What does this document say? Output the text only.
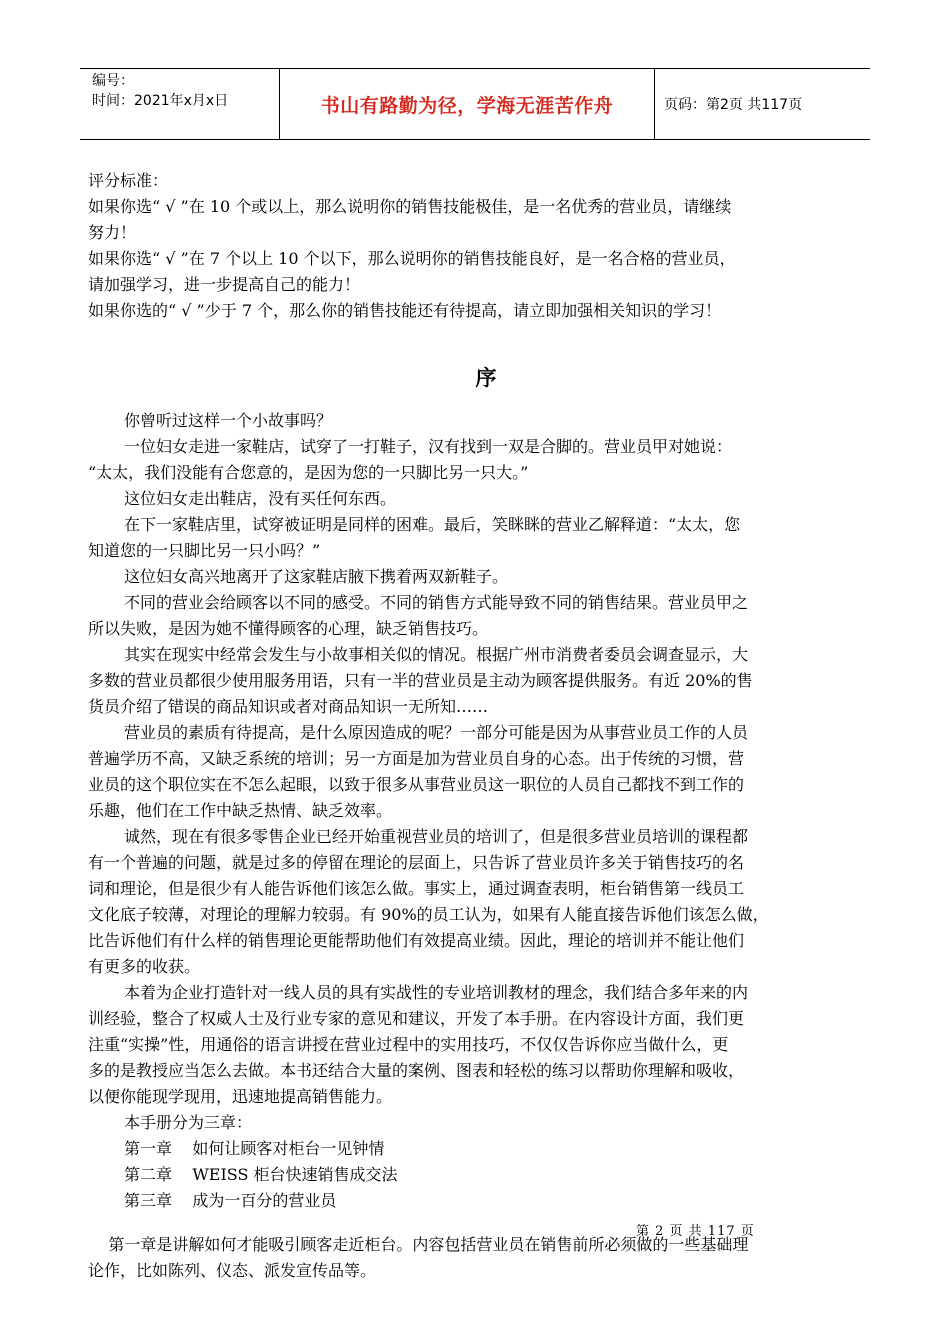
编号：
时间：2021年x月x日	书山有路勤为径，学海无涯苦作舟	页码：第2页 共117页
评分标准：
如果你选“ √ ”在 10 个或以上，那么说明你的销售技能极佳，是一名优秀的营业员，请继续
努力！
如果你选“ √ ”在 7 个以上 10 个以下，那么说明你的销售技能良好，是一名合格的营业员，
请加强学习，进一步提高自己的能力！
如果你选的“ √ ”少于 7 个，那么你的销售技能还有待提高，请立即加强相关知识的学习！
序
你曾听过这样一个小故事吗？
一位妇女走进一家鞋店，试穿了一打鞋子，汉有找到一双是合脚的。营业员甲对她说：
“太太，我们没能有合您意的，是因为您的一只脚比另一只大。”
这位妇女走出鞋店，没有买任何东西。
在下一家鞋店里，试穿被证明是同样的困难。最后，笑眯眯的营业乙解释道：“太太，您
知道您的一只脚比另一只小吗？”
这位妇女高兴地离开了这家鞋店腋下携着两双新鞋子。
不同的营业会给顾客以不同的感受。不同的销售方式能导致不同的销售结果。营业员甲之
所以失败，是因为她不懂得顾客的心理，缺乏销售技巧。
其实在现实中经常会发生与小故事相关似的情况。根据广州市消费者委员会调查显示，大
多数的营业员都很少使用服务用语，只有一半的营业员是主动为顾客提供服务。有近 20%的售
货员介绍了错误的商品知识或者对商品知识一无所知……
营业员的素质有待提高，是什么原因造成的呢？一部分可能是因为从事营业员工作的人员
普遍学历不高，又缺乏系统的培训；另一方面是加为营业员自身的心态。出于传统的习惯，营
业员的这个职位实在不怎么起眼，以致于很多从事营业员这一职位的人员自己都找不到工作的
乐趣，他们在工作中缺乏热情、缺乏效率。
诚然，现在有很多零售企业已经开始重视营业员的培训了，但是很多营业员培训的课程都
有一个普遍的问题，就是过多的停留在理论的层面上，只告诉了营业员许多关于销售技巧的名
词和理论，但是很少有人能告诉他们该怎么做。事实上，通过调查表明，柜台销售第一线员工
文化底子较薄，对理论的理解力较弱。有 90%的员工认为，如果有人能直接告诉他们该怎么做，
比告诉他们有什么样的销售理论更能帮助他们有效提高业绩。因此，理论的培训并不能让他们
有更多的收获。
本着为企业打造针对一线人员的具有实战性的专业培训教材的理念，我们结合多年来的内
训经验，整合了权威人士及行业专家的意见和建议，开发了本手册。在内容设计方面，我们更
注重“实操”性，用通俗的语言讲授在营业过程中的实用技巧，不仅仅告诉你应当做什么，更
多的是教授应当怎么去做。本书还结合大量的案例、图表和轻松的练习以帮助你理解和吸收，
以便你能现学现用，迅速地提高销售能力。
本手册分为三章：
第一章    如何让顾客对柜台一见钟情
第二章    WEISS 柜台快速销售成交法
第三章    成为一百分的营业员
第一章是讲解如何才能吸引顾客走近柜台。内容包括营业员在销售前所必须做的一些基础理
论作，比如陈列、仪态、派发宣传品等。
第 2 页 共 117 页
